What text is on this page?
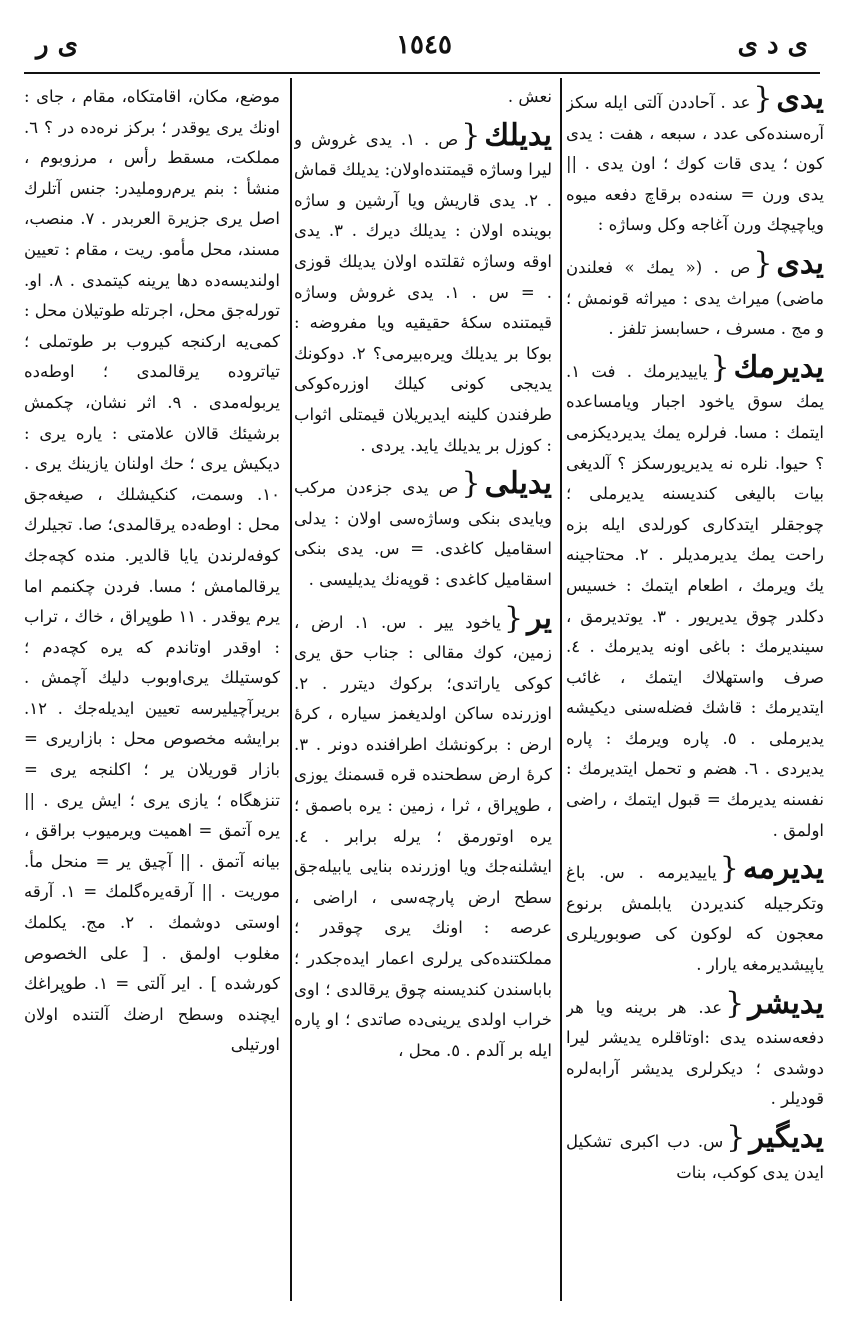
ی د ی
١٥٤٥
ی ر

يدى{عد . آحاددن آلتى ايله سكز آره‌سنده‌كى عدد ، سبعه ، هفت : يدى كون ؛ يدى قات كوك ؛ اون يدى . || يدى ورن = سنه‌ده برقاچ دفعه ميوه وياچيچك ورن آغاجه وكل وساژه :

يدى{ص . (« يمك » فعلندن ماضى) ميراث يدى : ميراثه قونمش ؛ و مج . مسرف ، حسابسز تلفز .

يديرمك{ياييديرمك . فت ١. يمك سوق ياخود اجبار ويامساعده ايتمك : مسا. فرلره يمك يديرديكزمى ؟ حيوا. نلره نه يديريورسكز ؟ آلديغى بيات باليغى كنديسنه يديرملى ؛ چوجقلر ايتدكارى كورلدى ايله بزه راحت يمك يديرمديلر . ٢. محتاجينه يك ويرمك ، اطعام ايتمك : خسيس دكلدر چوق يديريور . ٣. يوتديرمق ، سينديرمك : باغى اونه يديرمك . ٤. صرف واستهلاك ايتمك ، غائب ايتديرمك : قاشك فضله‌سنى ديكيشه يديرملى . ٥. پاره ويرمك : پاره يديردى . ٦. هضم و تحمل ايتديرمك : نفسنه يديرمك = قبول ايتمك ، راضى اولمق .

يديرمه{ياييديرمه . س. باغ وتكرجيله كنديردن يابلمش برنوع معجون كه لوكون كى صوبوريلرى ياپيشديرمغه يارار .

يديشر{عد. هر برينه ويا هر دفعه‌سنده يدى :اوتاقلره يديشر ليرا دوشدى ؛ ديكرلرى يديشر آرابه‌لره قوديلر .

يديگير{س. دب اكبرى تشكيل ايدن يدى كوكب، بنات

نعش .

يديلك{ص . ١. يدى غروش و ليرا وساژه قيمتنده‌اولان: يديلك قماش . ٢. يدى قاريش ويا آرشين و ساژه بوينده اولان : يديلك ديرك . ٣. يدى اوقه وساژه ثقلتده اولان يديلك قوزى . = س . ١. يدى غروش وساژه قيمتنده سكهٔ حقيقيه ويا مفروضه : بوكا بر يديلك ويرەبيرمى؟ ٢. دوكونك يديجى كونى كيلك اوزره‌كوكى طرفندن كلينه ايديريلان قيمتلى اثواب : كوزل بر يديلك يايد. يردى .

يديلى{ص يدى جزءدن مركب ويايدى بنكى وساژه‌سى اولان : يدلى اسقاميل كاغدى. = س. يدى بنكى اسقاميل كاغدى : قوپه‌نك يديليسى .

ير{ياخود يير . س. ١. ارض ، زمين، كوك مقالى : جناب حق يرى كوكى ياراتدى؛ بركوك ديترر . ٢. اوزرنده ساكن اولديغمز سياره ، كرهٔ ارض : بركونشك اطرافنده دونر . ٣. كرهٔ ارض سطحنده قره قسمنك يوزى ، طوپراق ، ثرا ، زمين : يره باصمق ؛ يره اوتورمق ؛ يرله برابر . ٤. ايشلنه‌جك ويا اوزرنده بنايى يابيله‌جق سطح ارض پارچه‌سى ، اراضى ، عرصه : اونك يرى چوقدر ؛ مملكتنده‌كى يرلرى اعمار ايده‌جكدر ؛ باباسندن كنديسنه چوق يرقالدى ؛ اوى خراب اولدى يرينى‌ده صاتدى ؛ او پاره ايله بر آلدم . ٥. محل ،

موضع، مكان، اقامتكاه، مقام ، جاى : اونك يرى يوقدر ؛ بركز نره‌ده در ؟ ٦. مملكت، مسقط رأس ، مرزوبوم ، منشأ : بنم يرم‌رومليدر: جنس آتلرك اصل يرى جزيرة العربدر . ٧. منصب، مسند، محل مأمو. ريت ، مقام : تعيين اولنديسه‌ده دها يرينه كيتمدى . ٨. او. تورله‌جق محل، اجرتله طوتيلان محل : كمى‌يه اركنجه كيروب بر طوتملى ؛ تياتروده يرقالمدى ؛ اوطه‌ده يربوله‌مدى . ٩. اثر نشان، چكمش برشيئك قالان علامتى : ياره يرى : ديكيش يرى ؛ حك اولنان يازينك يرى . ١٠. وسمت، كنكيشلك ، صيغه‌جق محل : اوطه‌ده يرقالمدى؛ صا. تجيلرك كوفه‌لرندن يايا قالدير. منده كچه‌جك يرقالمامش ؛ مسا. فردن چكنمم اما يرم يوقدر . ١١ طوپراق ، خاك ، تراب : اوقدر اوتاندم كه يره كچه‌دم ؛ كوستيلك يرى‌اوبوب دليك آچمش . بريرآچيليرسه تعيين ايديله‌جك . ١٢. برايشه مخصوص محل : بازاريرى = بازار قوريلان ير ؛ اكلنجه يرى = تنزهگاه ؛ يازى يرى ؛ ايش يرى . || يره آتمق = اهميت ويرميوب براقق ، بيانه آتمق . || آچيق ير = منحل مأ. موريت . || آرقه‌يره‌گلمك = ١. آرقه اوستى دوشمك . ٢. مج. يكلمك مغلوب اولمق . [ على الخصوص كورشده ] . اير آلتى = ١. طوپراغك ايچنده وسطح ارضك آلتنده اولان اورتيلى
